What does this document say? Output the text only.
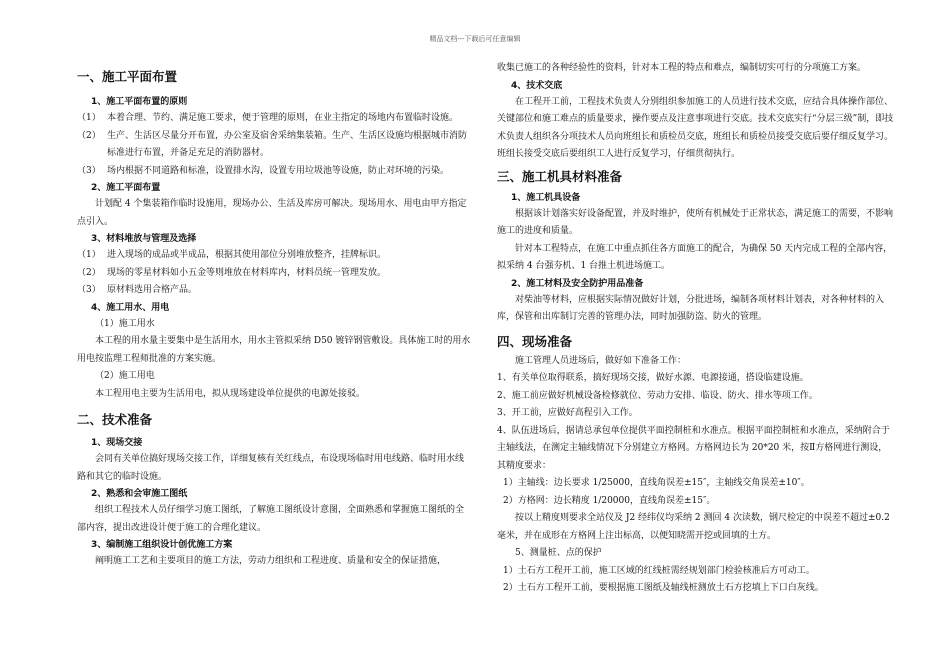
精品文档---下载后可任意编辑
一、施工平面布置
1、施工平面布置的原则
（1） 本着合理、节约、满足施工要求，便于管理的原则，在业主指定的场地内布置临时设施。
（2） 生产、生活区尽量分开布置，办公室及宿舍采纳集装箱。生产、生活区设施均根据城市消防标准进行布置，并备足充足的消防器材。
（3） 场内根据不同道路和标准，设置排水沟，设置专用垃圾池等设施，防止对环境的污染。
2、施工平面布置
计划配 4 个集装箱作临时设施用，现场办公、生活及库房可解决。现场用水、用电由甲方指定点引入。
3、材料堆放与管理及选择
（1） 进入现场的成品或半成品，根据其使用部位分别堆放整齐，挂牌标识。
（2） 现场的零星材料如小五金等则堆放在材料库内，材料员统一管理发放。
（3） 原材料选用合格产品。
4、施工用水、用电
（1）施工用水
本工程的用水量主要集中是生活用水，用水主管拟采纳 D50 镀锌钢管敷设。具体施工时的用水用电按监理工程师批准的方案实施。
（2）施工用电
本工程用电主要为生活用电，拟从现场建设单位提供的电源处接驳。
二、技术准备
1、现场交接
会同有关单位搞好现场交接工作，详细复核有关红线点，布设现场临时用电线路、临时用水线路和其它的临时设施。
2、熟悉和会审施工图纸
组织工程技术人员仔细学习施工图纸，了解施工图纸设计意图，全面熟悉和掌握施工图纸的全部内容，提出改进设计便于施工的合理化建议。
3、编制施工组织设计创优施工方案
阐明施工工艺和主要项目的施工方法，劳动力组织和工程进度、质量和安全的保证措施，
收集已施工的各种经验性的资料，针对本工程的特点和难点，编制切实可行的分项施工方案。
4、技术交底
在工程开工前，工程技术负责人分别组织参加施工的人员进行技术交底，应结合具体操作部位、关键部位和施工难点的质量要求，操作要点及注意事项进行交底。技术交底实行“分层三级”制，即技术负责人组织各分项技术人员向班组长和质检员交底，班组长和质检员接受交底后要仔细反复学习。班组长接受交底后要组织工人进行反复学习，仔细贯彻执行。
三、施工机具材料准备
1、施工机具设备
根据该计划落实好设备配置，并及时维护，使所有机械处于正常状态，满足施工的需要，不影响施工的进度和质量。
针对本工程特点，在施工中重点抓住各方面施工的配合，为确保 50 天内完成工程的全部内容，拟采纳 4 台强夯机、1 台推土机进场施工。
2、施工材料及安全防护用品准备
对柴油等材料，应根据实际情况做好计划，分批进场，编制各项材料计划表，对各种材料的入库，保管和出库制订完善的管理办法，同时加强防盗、防火的管理。
四、现场准备
施工管理人员进场后，做好如下准备工作：
1、有关单位取得联系，搞好现场交接，做好水源、电源接通，搭设临建设施。
2、施工前应做好机械设备检修就位、劳动力安排、临设、防火、排水等项工作。
3、开工前，应做好高程引入工作。
4、队伍进场后，据请总承包单位提供平面控制桩和水准点。根据平面控制桩和水准点，采纳附合于主轴线法，在测定主轴线情况下分别建立方格网。方格网边长为 20*20 米，按Ⅱ方格网进行测设，其精度要求：
1）主轴线：边长要求 1/25000，直线角误差±15″，主轴线交角误差±10″。
2）方格网：边长精度 1/20000，直线角误差±15″。
按以上精度则要求全站仪及 J2 经纬仪均采纳 2 测回 4 次读数，钢尺检定的中误差不超过±0.2 毫米，并在成形在方格网上注出标高，以便知晓需开挖或回填的土方。
5、测量桩、点的保护
1）土石方工程开工前，施工区域的红线桩需经规划部门检验核准后方可动工。
2）土石方工程开工前，要根据施工图纸及轴线桩测放土石方挖填上下口白灰线。
